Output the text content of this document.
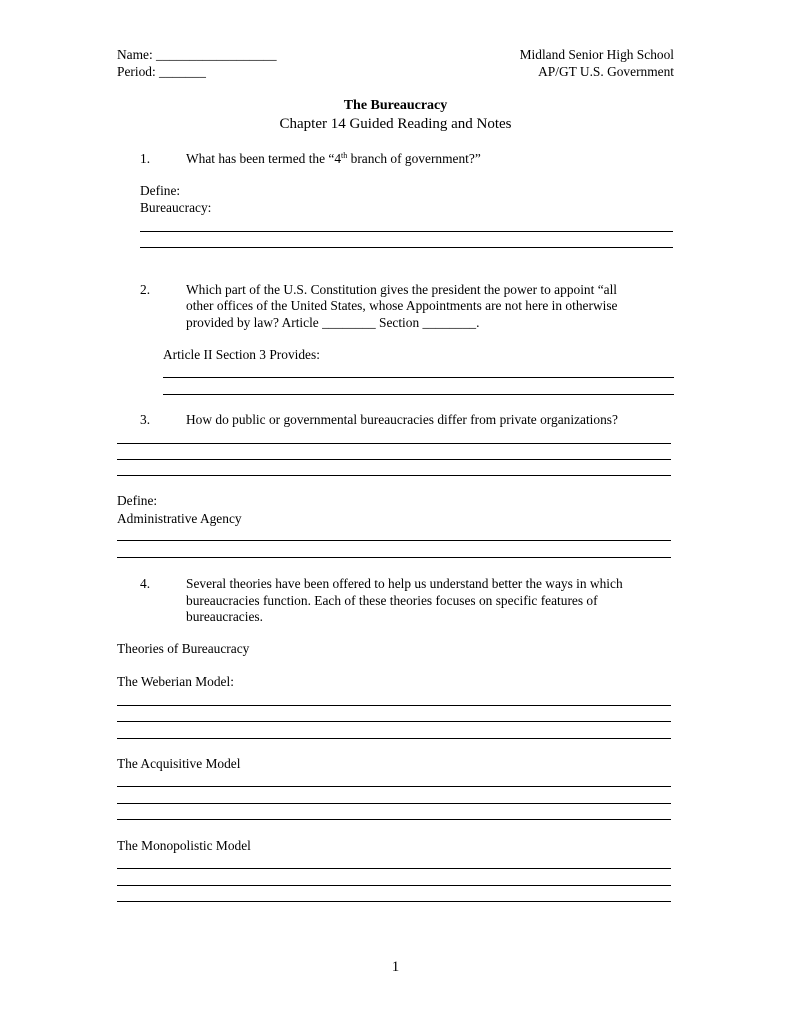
Name: __________________
Period: _______
Midland Senior High School
AP/GT U.S. Government
The Bureaucracy
Chapter 14 Guided Reading and Notes
1.	What has been termed the “4th branch of government?”
Define:
Bureaucracy:
2.	Which part of the U.S. Constitution gives the president the power to appoint “all
other offices of the United States, whose Appointments are not here in otherwise
provided by law? Article ________ Section ________.
Article II Section 3 Provides:
3.	How do public or governmental bureaucracies differ from private organizations?
Define:
Administrative Agency
4.	Several theories have been offered to help us understand better the ways in which
bureaucracies function. Each of these theories focuses on specific features of
bureaucracies.
Theories of Bureaucracy
The Weberian Model:
The Acquisitive Model
The Monopolistic Model
1
